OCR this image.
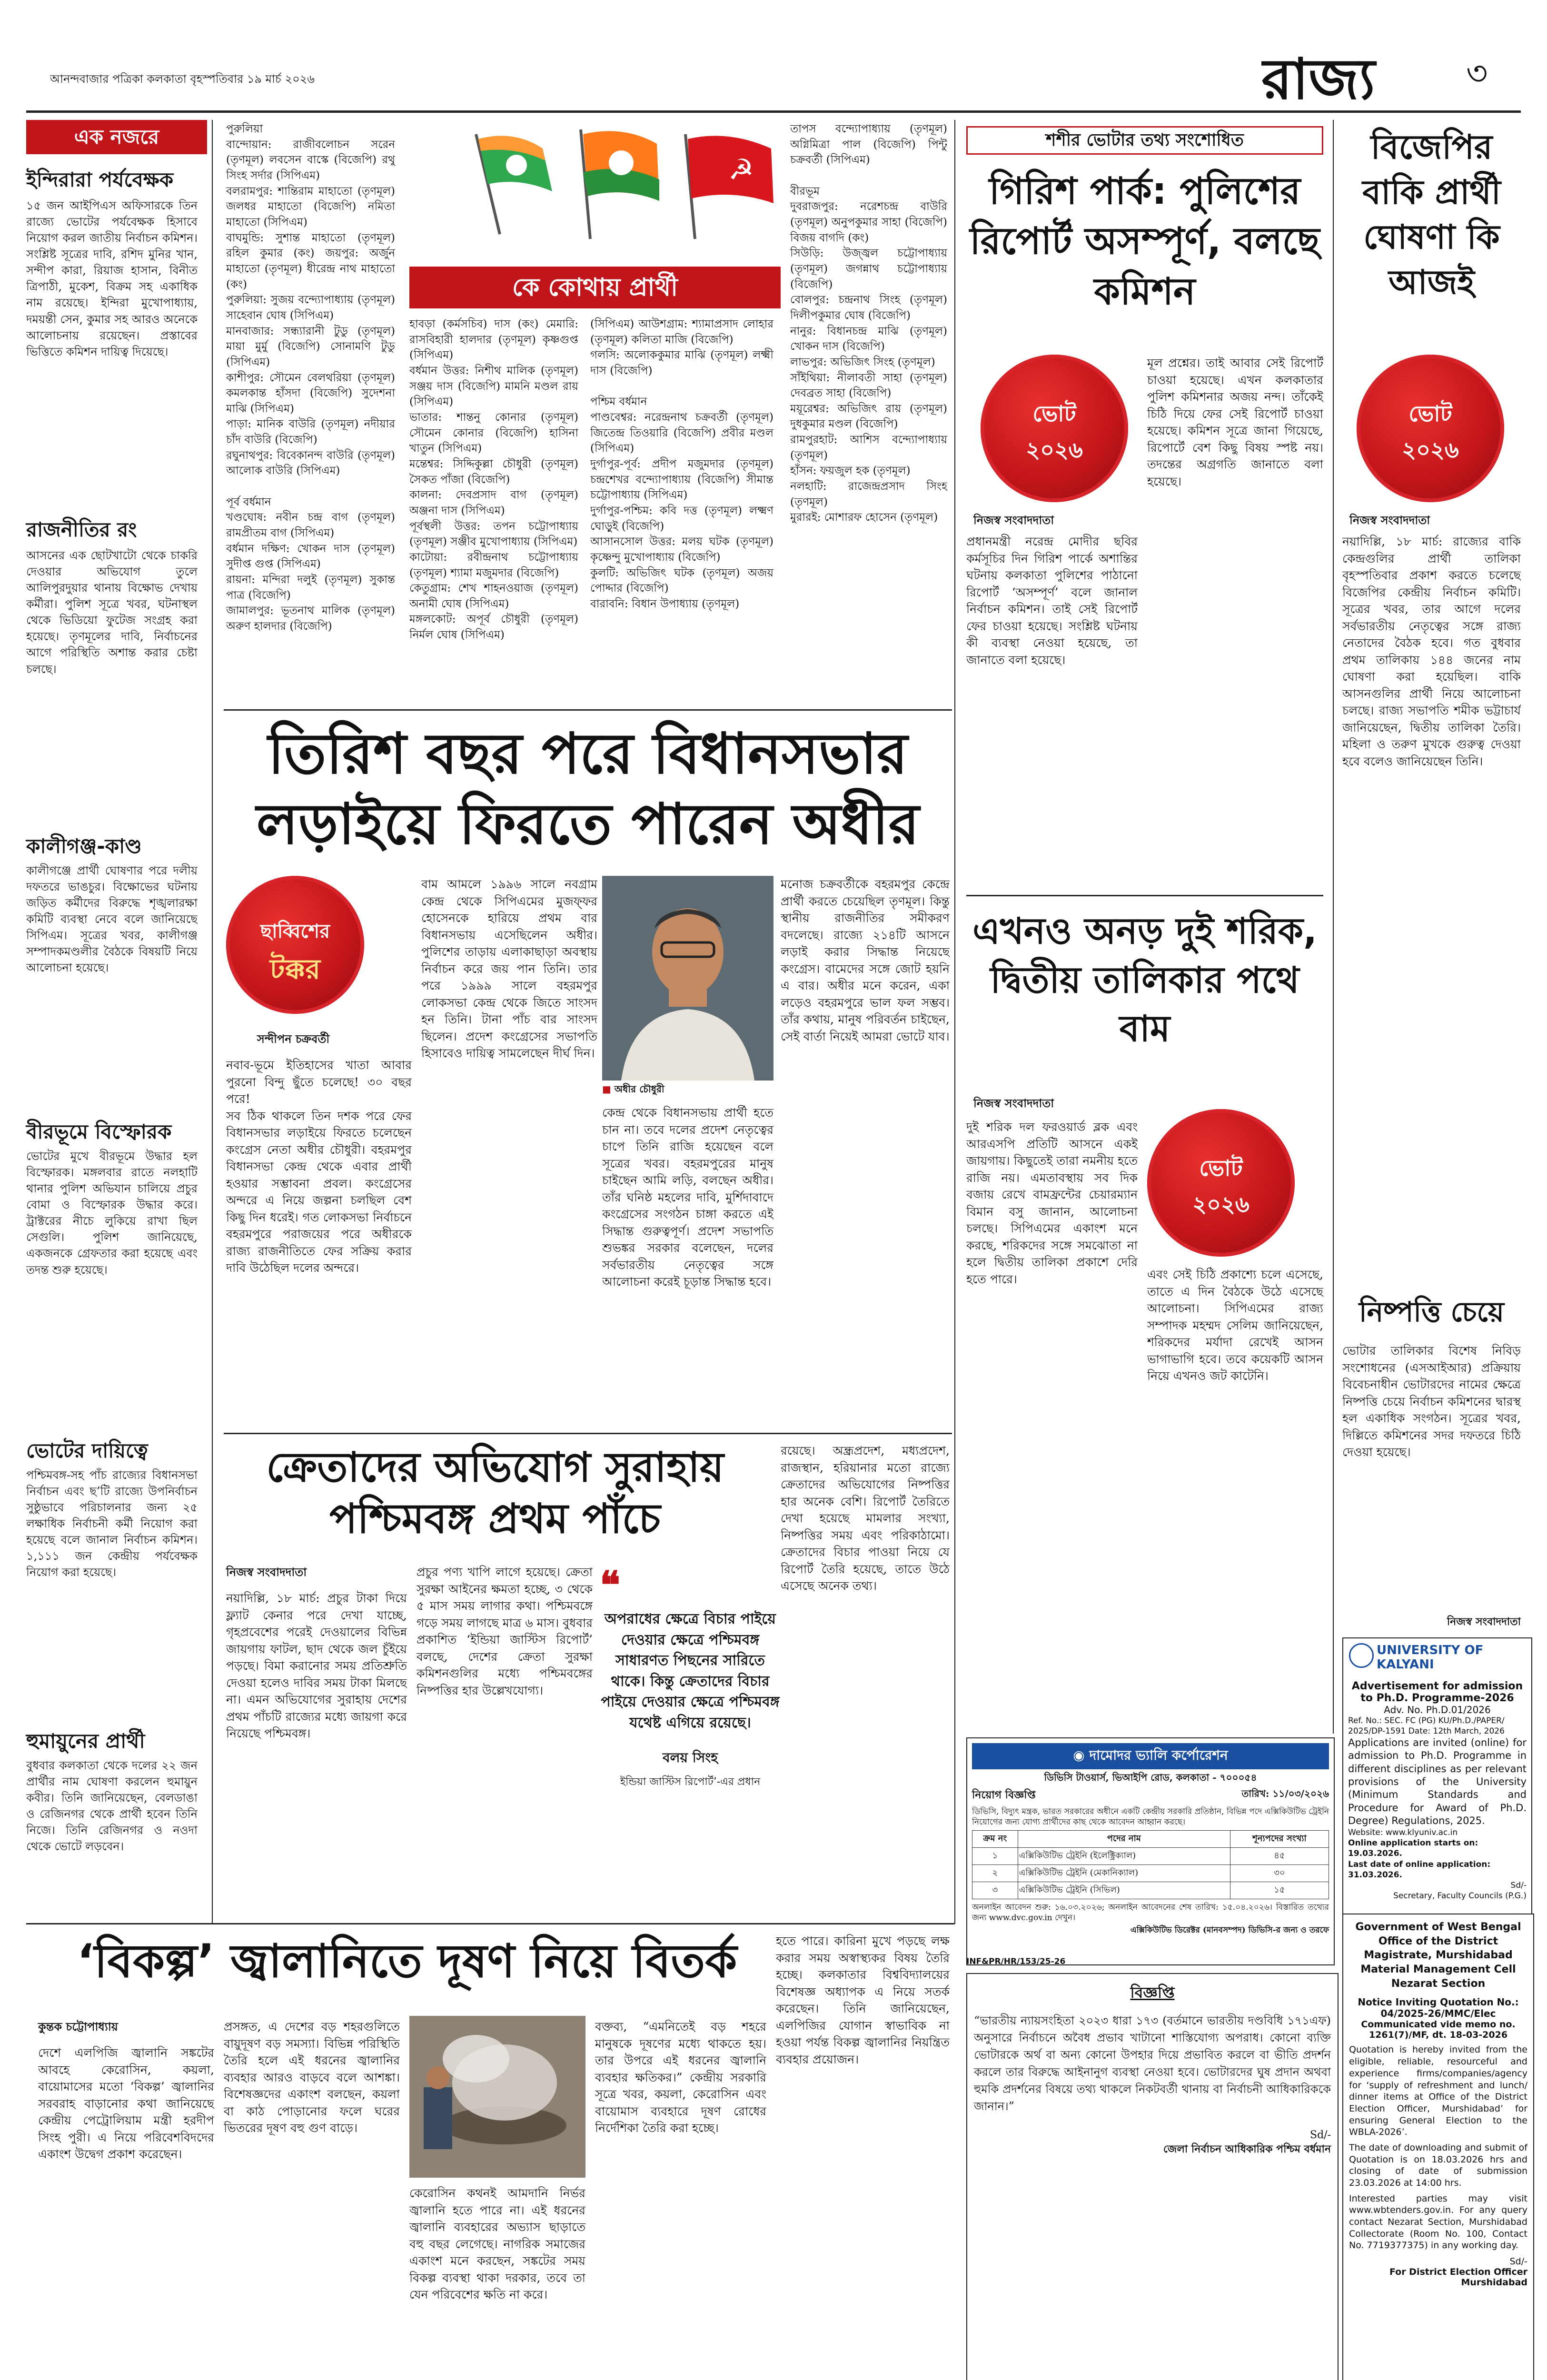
আনন্দবাজার পত্রিকা কলকাতা বৃহস্পতিবার ১৯ মার্চ ২০২৬	রাজ্য	৩
এক নজরে
ইন্দিরারা পর্যবেক্ষক
১৫ জন আইপিএস অফিসারকে তিন রাজ্যে ভোটের পর্যবেক্ষক হিসাবে নিয়োগ করল জাতীয় নির্বাচন কমিশন। সংশ্লিষ্ট সূত্রের দাবি, রশিদ মুনির খান, সন্দীপ কারা, রিয়াজ হাসান, বিনীত ত্রিপাঠী, মুকেশ, বিক্রম সহ একাধিক নাম রয়েছে। ইন্দিরা মুখোপাধ্যায়, দময়ন্তী সেন, কুমার সহ আরও অনেকে আলোচনায় রয়েছেন। প্রস্তাবের ভিত্তিতে কমিশন দায়িত্ব দিয়েছে।
রাজনীতির রং
আসনের এক ছোটখাটো থেকে চাকরি দেওয়ার অভিযোগ তুলে আলিপুরদুয়ার থানায় বিক্ষোভ দেখায় কর্মীরা। পুলিশ সূত্রে খবর, ঘটনাস্থল থেকে ভিডিয়ো ফুটেজ সংগ্রহ করা হয়েছে। তৃণমূলের দাবি, নির্বাচনের আগে পরিস্থিতি অশান্ত করার চেষ্টা চলছে।
কালীগঞ্জ-কাণ্ড
কালীগঞ্জে প্রার্থী ঘোষণার পরে দলীয় দফতরে ভাঙচুর। বিক্ষোভের ঘটনায় জড়িত কর্মীদের বিরুদ্ধে শৃঙ্খলারক্ষা কমিটি ব্যবস্থা নেবে বলে জানিয়েছে সিপিএম। সূত্রের খবর, কালীগঞ্জ সম্পাদকমণ্ডলীর বৈঠকে বিষয়টি নিয়ে আলোচনা হয়েছে।
বীরভূমে বিস্ফোরক
ভোটের মুখে বীরভূমে উদ্ধার হল বিস্ফোরক। মঙ্গলবার রাতে নলহাটি থানার পুলিশ অভিযান চালিয়ে প্রচুর বোমা ও বিস্ফোরক উদ্ধার করে। ট্রাক্টরের নীচে লুকিয়ে রাখা ছিল সেগুলি। পুলিশ জানিয়েছে, একজনকে গ্রেফতার করা হয়েছে এবং তদন্ত শুরু হয়েছে।
ভোটের দায়িত্বে
পশ্চিমবঙ্গ-সহ পাঁচ রাজ্যের বিধানসভা নির্বাচন এবং ছ’টি রাজ্যে উপনির্বাচন সুষ্ঠুভাবে পরিচালনার জন্য ২৫ লক্ষাধিক নির্বাচনী কর্মী নিয়োগ করা হয়েছে বলে জানাল নির্বাচন কমিশন। ১,১১১ জন কেন্দ্রীয় পর্যবেক্ষক নিয়োগ করা হয়েছে।
হুমায়ুনের প্রার্থী
বুধবার কলকাতা থেকে দলের ২২ জন প্রার্থীর নাম ঘোষণা করলেন হুমায়ুন কবীর। তিনি জানিয়েছেন, বেলডাঙা ও রেজিনগর থেকে প্রার্থী হবেন তিনি নিজে। তিনি রেজিনগর ও নওদা থেকে ভোটে লড়বেন।
☭
কে কোথায় প্রার্থী
পুরুলিয়া
বান্দোয়ান: রাজীবলোচন সরেন (তৃণমূল) লবসেন বাস্কে (বিজেপি) রথু সিংহ সর্দার (সিপিএম)
বলরামপুর: শান্তিরাম মাহাতো (তৃণমূল) জলধর মাহাতো (বিজেপি) নমিতা মাহাতো (সিপিএম)
বাঘমুন্ডি: সুশান্ত মাহাতো (তৃণমূল) রহিল কুমার (কং) জয়পুর: অর্জুন মাহাতো (তৃণমূল) ধীরেন্দ্র নাথ মাহাতো (কং)
পুরুলিয়া: সুজয় বন্দ্যোপাধ্যায় (তৃণমূল) সাহেবান ঘোষ (সিপিএম)
মানবাজার: সন্ধ্যারানী টুডু (তৃণমূল) মায়া মুর্মু (বিজেপি) সোনামণি টুডু (সিপিএম)
কাশীপুর: সৌমেন বেলথরিয়া (তৃণমূল) কমলকান্ত হাঁসদা (বিজেপি) সুদেশনা মাঝি (সিপিএম)
পাড়া: মানিক বাউরি (তৃণমূল) নদীয়ার চাঁদ বাউরি (বিজেপি)
রঘুনাথপুর: বিবেকানন্দ বাউরি (তৃণমূল) আলোক বাউরি (সিপিএম)

পূর্ব বর্ধমান
খণ্ডঘোষ: নবীন চন্দ্র বাগ (তৃণমূল) রামপ্রীতম বাগ (সিপিএম)
বর্ধমান দক্ষিণ: খোকন দাস (তৃণমূল) সুদীপ্ত গুপ্ত (সিপিএম)
রায়না: মন্দিরা দলুই (তৃণমূল) সুকান্ত পাত্র (বিজেপি)
জামালপুর: ভূতনাথ মালিক (তৃণমূল) অরুণ হালদার (বিজেপি)
হাবড়া (কর্মসচিব) দাস (কং) মেমারি: রাসবিহারী হালদার (তৃণমূল) কৃষ্ণগুপ্ত (সিপিএম)
বর্ধমান উত্তর: নিশীথ মালিক (তৃণমূল) সঞ্জয় দাস (বিজেপি) মামনি মণ্ডল রায় (সিপিএম)
ভাতার: শান্তনু কোনার (তৃণমূল) সৌমেন কোনার (বিজেপি) হাসিনা খাতুন (সিপিএম)
মন্তেশ্বর: সিদ্দিকুল্লা চৌধুরী (তৃণমূল) সৈকত পাঁজা (বিজেপি)
কালনা: দেবপ্রসাদ বাগ (তৃণমূল) অঞ্জনা দাস (সিপিএম)
পূর্বস্থলী উত্তর: তপন চট্টোপাধ্যায় (তৃণমূল) সঞ্জীব মুখোপাধ্যায় (সিপিএম)
কাটোয়া: রবীন্দ্রনাথ চট্টোপাধ্যায় (তৃণমূল) শ্যামা মজুমদার (বিজেপি)
কেতুগ্রাম: শেখ শাহনওয়াজ (তৃণমূল) অনামী ঘোষ (সিপিএম)
মঙ্গলকোট: অপূর্ব চৌধুরী (তৃণমূল) নির্মল ঘোষ (সিপিএম)
(সিপিএম) আউশগ্রাম: শ্যামাপ্রসাদ লোহার (তৃণমূল) কলিতা মাজি (বিজেপি)
গলসি: অলোককুমার মাঝি (তৃণমূল) লক্ষ্মী দাস (বিজেপি)

পশ্চিম বর্ধমান
পাণ্ডবেশ্বর: নরেন্দ্রনাথ চক্রবর্তী (তৃণমূল) জিতেন্দ্র তিওয়ারি (বিজেপি) প্রবীর মণ্ডল (সিপিএম)
দুর্গাপুর-পূর্ব: প্রদীপ মজুমদার (তৃণমূল) চন্দ্রশেখর বন্দ্যোপাধ্যায় (বিজেপি) সীমান্ত চট্টোপাধ্যায় (সিপিএম)
দুর্গাপুর-পশ্চিম: কবি দত্ত (তৃণমূল) লক্ষ্মণ ঘোড়ুই (বিজেপি)
আসানসোল উত্তর: মলয় ঘটক (তৃণমূল) কৃষ্ণেন্দু মুখোপাধ্যায় (বিজেপি)
কুলটি: অভিজিৎ ঘটক (তৃণমূল) অজয় পোদ্দার (বিজেপি)
বারাবনি: বিধান উপাধ্যায় (তৃণমূল)
তাপস বন্দ্যোপাধ্যায় (তৃণমূল) অগ্নিমিত্রা পাল (বিজেপি) পিন্টু চক্রবর্তী (সিপিএম)

বীরভূম
দুবরাজপুর: নরেশচন্দ্র বাউরি (তৃণমূল) অনুপকুমার সাহা (বিজেপি) বিজয় বাগদি (কং)
সিউড়ি: উজ্জ্বল চট্টোপাধ্যায় (তৃণমূল) জগন্নাথ চট্টোপাধ্যায় (বিজেপি)
বোলপুর: চন্দ্রনাথ সিংহ (তৃণমূল) দিলীপকুমার ঘোষ (বিজেপি)
নানুর: বিধানচন্দ্র মাঝি (তৃণমূল) খোকন দাস (বিজেপি)
লাভপুর: অভিজিৎ সিংহ (তৃণমূল)
সাঁইথিয়া: নীলাবতী সাহা (তৃণমূল) দেবব্রত সাহা (বিজেপি)
ময়ূরেশ্বর: অভিজিৎ রায় (তৃণমূল) দুধকুমার মণ্ডল (বিজেপি)
রামপুরহাট: আশিস বন্দ্যোপাধ্যায় (তৃণমূল)
হাঁসন: ফয়জুল হক (তৃণমূল)
নলহাটি: রাজেন্দ্রপ্রসাদ সিংহ (তৃণমূল)
মুরারই: মোশারফ হোসেন (তৃণমূল)
তিরিশ বছর পরে বিধানসভার লড়াইয়ে ফিরতে পারেন অধীর
ছাব্বিশের
টক্কর
সন্দীপন চক্রবর্তী
নবাব-ভূমে ইতিহাসের খাতা আবার পুরনো বিন্দু ছুঁতে চলেছে! ৩০ বছর পরে!
সব ঠিক থাকলে তিন দশক পরে ফের বিধানসভার লড়াইয়ে ফিরতে চলেছেন কংগ্রেস নেতা অধীর চৌধুরী। বহরমপুর বিধানসভা কেন্দ্র থেকে এবার প্রার্থী হওয়ার সম্ভাবনা প্রবল। কংগ্রেসের অন্দরে এ নিয়ে জল্পনা চলছিল বেশ কিছু দিন ধরেই। গত লোকসভা নির্বাচনে বহরমপুরে পরাজয়ের পরে অধীরকে রাজ্য রাজনীতিতে ফের সক্রিয় করার দাবি উঠেছিল দলের অন্দরে।
বাম আমলে ১৯৯৬ সালে নবগ্রাম কেন্দ্র থেকে সিপিএমের মুজফ্ফর হোসেনকে হারিয়ে প্রথম বার বিধানসভায় এসেছিলেন অধীর। পুলিশের তাড়ায় এলাকাছাড়া অবস্থায় নির্বাচন করে জয় পান তিনি। তার পরে ১৯৯৯ সালে বহরমপুর লোকসভা কেন্দ্র থেকে জিতে সাংসদ হন তিনি। টানা পাঁচ বার সাংসদ ছিলেন। প্রদেশ কংগ্রেসের সভাপতি হিসাবেও দায়িত্ব সামলেছেন দীর্ঘ দিন।
■ অধীর চৌধুরী
কেন্দ্র থেকে বিধানসভায় প্রার্থী হতে চান না। তবে দলের প্রদেশ নেতৃত্বের চাপে তিনি রাজি হয়েছেন বলে সূত্রের খবর। বহরমপুরের মানুষ চাইছেন আমি লড়ি, বলছেন অধীর। তাঁর ঘনিষ্ঠ মহলের দাবি, মুর্শিদাবাদে কংগ্রেসের সংগঠন চাঙ্গা করতে এই সিদ্ধান্ত গুরুত্বপূর্ণ। প্রদেশ সভাপতি শুভঙ্কর সরকার বলেছেন, দলের সর্বভারতীয় নেতৃত্বের সঙ্গে আলোচনা করেই চূড়ান্ত সিদ্ধান্ত হবে।
মনোজ চক্রবর্তীকে বহরমপুর কেন্দ্রে প্রার্থী করতে চেয়েছিল তৃণমূল। কিন্তু স্থানীয় রাজনীতির সমীকরণ বদলেছে। রাজ্যে ২১৪টি আসনে লড়াই করার সিদ্ধান্ত নিয়েছে কংগ্রেস। বামেদের সঙ্গে জোট হয়নি এ বার। অধীর মনে করেন, একা লড়েও বহরমপুরে ভাল ফল সম্ভব। তাঁর কথায়, মানুষ পরিবর্তন চাইছেন, সেই বার্তা নিয়েই আমরা ভোটে যাব।
ক্রেতাদের অভিযোগ সুরাহায় পশ্চিমবঙ্গ প্রথম পাঁচে
নিজস্ব সংবাদদাতা
নয়াদিল্লি, ১৮ মার্চ: প্রচুর টাকা দিয়ে ফ্ল্যাট কেনার পরে দেখা যাচ্ছে, গৃহপ্রবেশের পরেই দেওয়ালের বিভিন্ন জায়গায় ফাটল, ছাদ থেকে জল চুঁইয়ে পড়ছে। বিমা করানোর সময় প্রতিশ্রুতি দেওয়া হলেও দাবির সময় টাকা মিলছে না। এমন অভিযোগের সুরাহায় দেশের প্রথম পাঁচটি রাজ্যের মধ্যে জায়গা করে নিয়েছে পশ্চিমবঙ্গ।
প্রচুর পণ্য খাপি লাগে হয়েছে। ক্রেতা সুরক্ষা আইনের ক্ষমতা হচ্ছে, ৩ থেকে ৫ মাস সময় লাগার কথা। পশ্চিমবঙ্গে গড়ে সময় লাগছে মাত্র ৬ মাস। বুধবার প্রকাশিত ‘ইন্ডিয়া জাস্টিস রিপোর্ট’ বলছে, দেশের ক্রেতা সুরক্ষা কমিশনগুলির মধ্যে পশ্চিমবঙ্গের নিষ্পত্তির হার উল্লেখযোগ্য।
❝
অপরাধের ক্ষেত্রে বিচার পাইয়ে দেওয়ার ক্ষেত্রে পশ্চিমবঙ্গ সাধারণত পিছনের সারিতে থাকে। কিন্তু ক্রেতাদের বিচার পাইয়ে দেওয়ার ক্ষেত্রে পশ্চিমবঙ্গ যথেষ্ট এগিয়ে রয়েছে।
বলয় সিংহ
ইন্ডিয়া জাস্টিস রিপোর্ট’-এর প্রধান
রয়েছে। অন্ধ্রপ্রদেশ, মধ্যপ্রদেশ, রাজস্থান, হরিয়ানার মতো রাজ্যে ক্রেতাদের অভিযোগের নিষ্পত্তির হার অনেক বেশি। রিপোর্ট তৈরিতে দেখা হয়েছে মামলার সংখ্যা, নিষ্পত্তির সময় এবং পরিকাঠামো। ক্রেতাদের বিচার পাওয়া নিয়ে যে রিপোর্ট তৈরি হয়েছে, তাতে উঠে এসেছে অনেক তথ্য।
‘বিকল্প’ জ্বালানিতে দূষণ নিয়ে বিতর্ক
কুন্তক চট্টোপাধ্যায়
দেশে এলপিজি জ্বালানি সঙ্কটের আবহে কেরোসিন, কয়লা, বায়োমাসের মতো ‘বিকল্প’ জ্বালানির সরবরাহ বাড়ানোর কথা জানিয়েছে কেন্দ্রীয় পেট্রোলিয়াম মন্ত্রী হরদীপ সিংহ পুরী। এ নিয়ে পরিবেশবিদদের একাংশ উদ্বেগ প্রকাশ করেছেন।
প্রসঙ্গত, এ দেশের বড় শহরগুলিতে বায়ুদূষণ বড় সমস্যা। বিভিন্ন পরিস্থিতি তৈরি হলে এই ধরনের জ্বালানির ব্যবহার আরও বাড়বে বলে আশঙ্কা। বিশেষজ্ঞদের একাংশ বলছেন, কয়লা বা কাঠ পোড়ানোর ফলে ঘরের ভিতরের দূষণ বহু গুণ বাড়ে।
কেরোসিন কথনই আমদানি নির্ভর জ্বালানি হতে পারে না। এই ধরনের জ্বালানি ব্যবহারের অভ্যাস ছাড়াতে বহু বছর লেগেছে। নাগরিক সমাজের একাংশ মনে করছেন, সঙ্কটের সময় বিকল্প ব্যবস্থা থাকা দরকার, তবে তা যেন পরিবেশের ক্ষতি না করে।
বক্তব্য, “এমনিতেই বড় শহরে মানুষকে দূষণের মধ্যে থাকতে হয়। তার উপরে এই ধরনের জ্বালানি ব্যবহার ক্ষতিকর।” কেন্দ্রীয় সরকারি সূত্রে খবর, কয়লা, কেরোসিন এবং বায়োমাস ব্যবহারে দূষণ রোধের নির্দেশিকা তৈরি করা হচ্ছে।
হতে পারে। কারিনা মুখে পড়ছে লক্ষ করার সময় অস্বাস্থ্যকর বিষয় তৈরি হচ্ছে। কলকাতার বিশ্ববিদ্যালয়ের বিশেষজ্ঞ অধ্যাপক এ নিয়ে সতর্ক করেছেন। তিনি জানিয়েছেন, এলপিজির যোগান স্বাভাবিক না হওয়া পর্যন্ত বিকল্প জ্বালানির নিয়ন্ত্রিত ব্যবহার প্রয়োজন।
শশীর ভোটার তথ্য সংশোধিত
গিরিশ পার্ক: পুলিশের রিপোর্ট অসম্পূর্ণ, বলছে কমিশন
ভোট
২০২৬
নিজস্ব সংবাদদাতা
প্রধানমন্ত্রী নরেন্দ্র মোদীর ছবির কর্মসূচির দিন গিরিশ পার্কে অশান্তির ঘটনায় কলকাতা পুলিশের পাঠানো রিপোর্ট ‘অসম্পূর্ণ’ বলে জানাল নির্বাচন কমিশন। তাই সেই রিপোর্ট ফের চাওয়া হয়েছে। সংশ্লিষ্ট ঘটনায় কী ব্যবস্থা নেওয়া হয়েছে, তা জানাতে বলা হয়েছে।
মূল প্রশ্নের। তাই আবার সেই রিপোর্ট চাওয়া হয়েছে। এখন কলকাতার পুলিশ কমিশনার অজয় নন্দ। তাঁকেই চিঠি দিয়ে ফের সেই রিপোর্ট চাওয়া হয়েছে। কমিশন সূত্রে জানা গিয়েছে, রিপোর্টে বেশ কিছু বিষয় স্পষ্ট নয়। তদন্তের অগ্রগতি জানাতে বলা হয়েছে।
এখনও অনড় দুই শরিক, দ্বিতীয় তালিকার পথে বাম
নিজস্ব সংবাদদাতা
দুই শরিক দল ফরওয়ার্ড ব্লক এবং আরএসপি প্রতিটি আসনে একই জায়গায়। কিছুতেই তারা নমনীয় হতে রাজি নয়। এমতাবস্থায় সব দিক বজায় রেখে বামফ্রন্টের চেয়ারম্যান বিমান বসু জানান, আলোচনা চলছে। সিপিএমের একাংশ মনে করছে, শরিকদের সঙ্গে সমঝোতা না হলে দ্বিতীয় তালিকা প্রকাশে দেরি হতে পারে।
ভোট
২০২৬
এবং সেই চিঠি প্রকাশ্যে চলে এসেছে, তাতে এ দিন বৈঠকে উঠে এসেছে আলোচনা। সিপিএমের রাজ্য সম্পাদক মহম্মদ সেলিম জানিয়েছেন, শরিকদের মর্যাদা রেখেই আসন ভাগাভাগি হবে। তবে কয়েকটি আসন নিয়ে এখনও জট কাটেনি।
বিজেপির বাকি প্রার্থী ঘোষণা কি আজই
ভোট
২০২৬
নিজস্ব সংবাদদাতা
নয়াদিল্লি, ১৮ মার্চ: রাজ্যের বাকি কেন্দ্রগুলির প্রার্থী তালিকা বৃহস্পতিবার প্রকাশ করতে চলেছে বিজেপির কেন্দ্রীয় নির্বাচন কমিটি। সূত্রের খবর, তার আগে দলের সর্বভারতীয় নেতৃত্বের সঙ্গে রাজ্য নেতাদের বৈঠক হবে। গত বুধবার প্রথম তালিকায় ১৪৪ জনের নাম ঘোষণা করা হয়েছিল। বাকি আসনগুলির প্রার্থী নিয়ে আলোচনা চলছে। রাজ্য সভাপতি শমীক ভট্টাচার্য জানিয়েছেন, দ্বিতীয় তালিকা তৈরি। মহিলা ও তরুণ মুখকে গুরুত্ব দেওয়া হবে বলেও জানিয়েছেন তিনি।
নিষ্পত্তি চেয়ে
ভোটার তালিকার বিশেষ নিবিড় সংশোধনের (এসআইআর) প্রক্রিয়ায় বিবেচনাধীন ভোটারদের নামের ক্ষেত্রে নিষ্পত্তি চেয়ে নির্বাচন কমিশনের দ্বারস্থ হল একাধিক সংগঠন। সূত্রের খবর, দিল্লিতে কমিশনের সদর দফতরে চিঠি দেওয়া হয়েছে।
নিজস্ব সংবাদদাতা
UNIVERSITY OF KALYANI
Advertisement for admission
to Ph.D. Programme-2026
Adv. No. Ph.D.01/2026
Ref. No.: SEC. FC (PG) KU/Ph.D./PAPER/ 2025/DP-1591 Date: 12th March, 2026
Applications are invited (online) for admission to Ph.D. Programme in different disciplines as per relevant provisions of the University (Minimum Standards and Procedure for Award of Ph.D. Degree) Regulations, 2025.
Website: www.klyuniv.ac.in
Online application starts on: 19.03.2026.
Last date of online application: 31.03.2026.
Sd/-
Secretary, Faculty Councils (P.G.)
Government of West Bengal Office of the District Magistrate, Murshidabad Material Management Cell Nezarat Section
Notice Inviting Quotation No.: 04/2025-26/MMC/Elec
Communicated vide memo no. 1261(7)/MF, dt. 18-03-2026
Quotation is hereby invited from the eligible, reliable, resourceful and experience firms/companies/agency for ‘supply of refreshment and lunch/ dinner items at Office of the District Election Officer, Murshidabad’ for ensuring General Election to the WBLA-2026’.
The date of downloading and submit of Quotation is on 18.03.2026 hrs and closing of date of submission 23.03.2026 at 14:00 hrs.
Interested parties may visit www.wbtenders.gov.in. For any query contact Nezarat Section, Murshidabad Collectorate (Room No. 100, Contact No. 7719377375) in any working day.
Sd/-
For District Election Officer Murshidabad
◉ দামোদর ভ্যালি কর্পোরেশন
ডিভিসি টাওয়ার্স, ভিআইপি রোড, কলকাতা - ৭০০০৫৪
নিয়োগ বিজ্ঞপ্তি	তারিখ: ১১/০৩/২০২৬
ডিভিসি, বিদ্যুৎ মন্ত্রক, ভারত সরকারের অধীনে একটি কেন্দ্রীয় সরকারি প্রতিষ্ঠান, বিভিন্ন পদে এক্সিকিউটিভ ট্রেইনি নিয়োগের জন্য যোগ্য প্রার্থীদের কাছ থেকে আবেদন আহ্বান করছে।
ক্রম নং	পদের নাম	শূন্যপদের সংখ্যা
১	এক্সিকিউটিভ ট্রেইনি (ইলেক্ট্রিক্যাল)	৪৫
২	এক্সিকিউটিভ ট্রেইনি (মেকানিক্যাল)	৩০
৩	এক্সিকিউটিভ ট্রেইনি (সিভিল)	১৫
অনলাইন আবেদন শুরু: ১৬.০৩.২০২৬; অনলাইন আবেদনের শেষ তারিখ: ১৫.০৪.২০২৬। বিস্তারিত তথ্যের জন্য www.dvc.gov.in দেখুন।
এক্সিকিউটিভ ডিরেক্টর (মানবসম্পদ) ডিভিসি-র জন্য ও তরফে
INF&PR/HR/153/25-26
বিজ্ঞপ্তি
“ভারতীয় ন্যায়সংহিতা ২০২৩ ধারা ১৭৩ (বর্তমানে ভারতীয় দণ্ডবিধি ১৭১এফ) অনুসারে নির্বাচনে অবৈধ প্রভাব খাটানো শাস্তিযোগ্য অপরাধ। কোনো ব্যক্তি ভোটারকে অর্থ বা অন্য কোনো উপহার দিয়ে প্রভাবিত করলে বা ভীতি প্রদর্শন করলে তার বিরুদ্ধে আইনানুগ ব্যবস্থা নেওয়া হবে। ভোটারদের ঘুষ প্রদান অথবা হুমকি প্রদর্শনের বিষয়ে তথ্য থাকলে নিকটবর্তী থানায় বা নির্বাচনী আধিকারিককে জানান।”
Sd/-
জেলা নির্বাচন আধিকারিক পশ্চিম বর্ধমান
